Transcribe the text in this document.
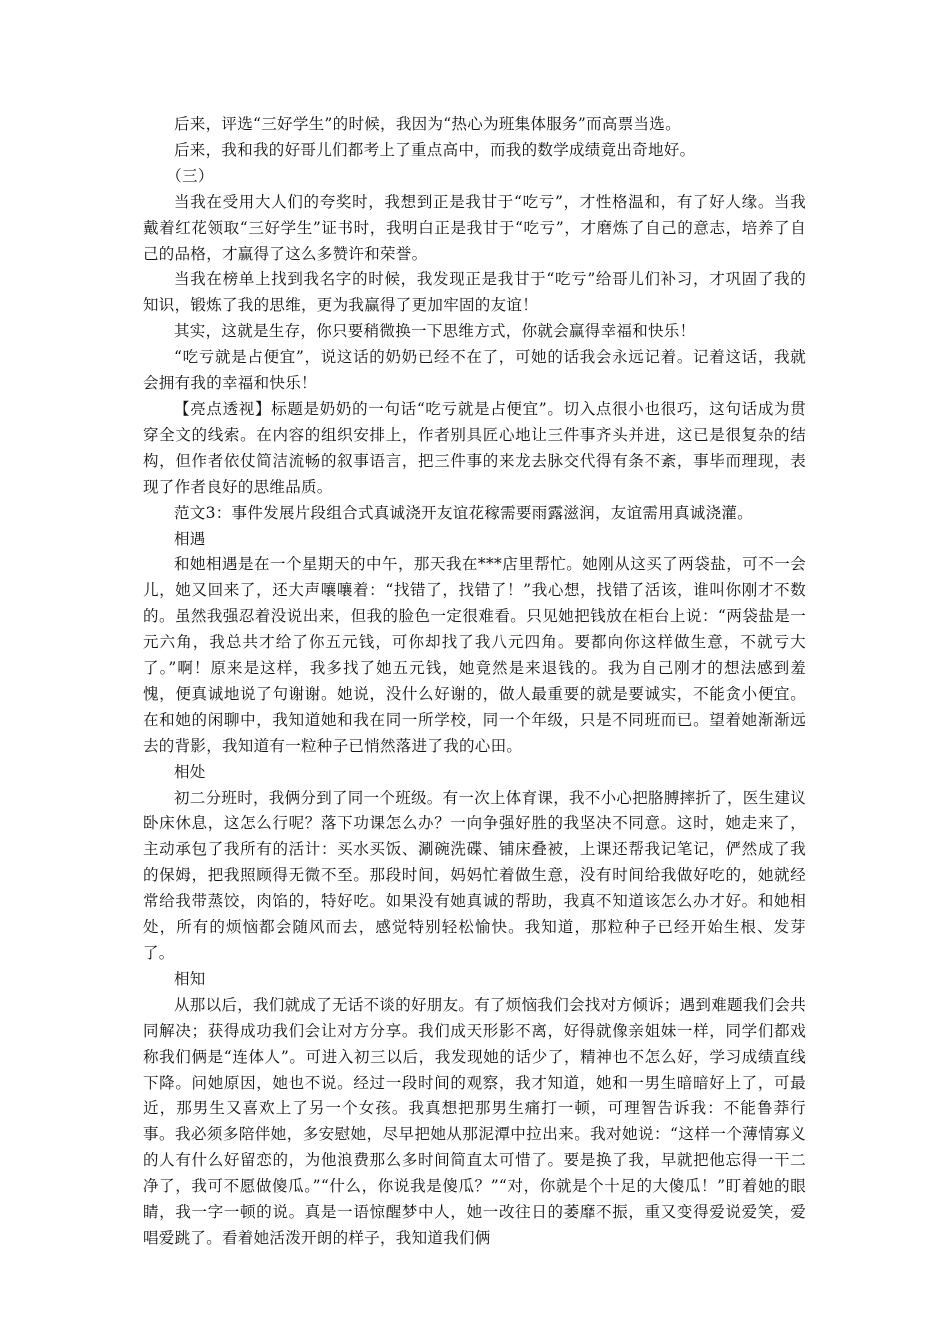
后来，评选“三好学生”的时候，我因为“热心为班集体服务”而高票当选。

后来，我和我的好哥儿们都考上了重点高中，而我的数学成绩竟出奇地好。

（三）

当我在受用大人们的夸奖时，我想到正是我甘于“吃亏”，才性格温和，有了好人缘。当我戴着红花领取“三好学生”证书时，我明白正是我甘于“吃亏”，才磨炼了自己的意志，培养了自己的品格，才赢得了这么多赞许和荣誉。

当我在榜单上找到我名字的时候，我发现正是我甘于“吃亏”给哥儿们补习，才巩固了我的知识，锻炼了我的思维，更为我赢得了更加牢固的友谊！

其实，这就是生存，你只要稍微换一下思维方式，你就会赢得幸福和快乐！

“吃亏就是占便宜”，说这话的奶奶已经不在了，可她的话我会永远记着。记着这话，我就会拥有我的幸福和快乐！

【亮点透视】标题是奶奶的一句话“吃亏就是占便宜”。切入点很小也很巧，这句话成为贯穿全文的线索。在内容的组织安排上，作者别具匠心地让三件事齐头并进，这已是很复杂的结构，但作者依仗简洁流畅的叙事语言，把三件事的来龙去脉交代得有条不紊，事毕而理现，表现了作者良好的思维品质。

范文3：事件发展片段组合式真诚浇开友谊花稼需要雨露滋润，友谊需用真诚浇灌。

相遇

和她相遇是在一个星期天的中午，那天我在***店里帮忙。她刚从这买了两袋盐，可不一会儿，她又回来了，还大声嚷嚷着：“找错了，找错了！”我心想，找错了活该，谁叫你刚才不数的。虽然我强忍着没说出来，但我的脸色一定很难看。只见她把钱放在柜台上说：“两袋盐是一元六角，我总共才给了你五元钱，可你却找了我八元四角。要都向你这样做生意，不就亏大了。”啊！原来是这样，我多找了她五元钱，她竟然是来退钱的。我为自己刚才的想法感到羞愧，便真诚地说了句谢谢。她说，没什么好谢的，做人最重要的就是要诚实，不能贪小便宜。在和她的闲聊中，我知道她和我在同一所学校，同一个年级，只是不同班而已。望着她渐渐远去的背影，我知道有一粒种子已悄然落进了我的心田。

相处

初二分班时，我俩分到了同一个班级。有一次上体育课，我不小心把胳膊摔折了，医生建议卧床休息，这怎么行呢？落下功课怎么办？一向争强好胜的我坚决不同意。这时，她走来了，主动承包了我所有的活计：买水买饭、涮碗洗碟、铺床叠被，上课还帮我记笔记，俨然成了我的保姆，把我照顾得无微不至。那段时间，妈妈忙着做生意，没有时间给我做好吃的，她就经常给我带蒸饺，肉馅的，特好吃。如果没有她真诚的帮助，我真不知道该怎么办才好。和她相处，所有的烦恼都会随风而去，感觉特别轻松愉快。我知道，那粒种子已经开始生根、发芽了。

相知

从那以后，我们就成了无话不谈的好朋友。有了烦恼我们会找对方倾诉；遇到难题我们会共同解决；获得成功我们会让对方分享。我们成天形影不离，好得就像亲姐妹一样，同学们都戏称我们俩是“连体人”。可进入初三以后，我发现她的话少了，精神也不怎么好，学习成绩直线下降。问她原因，她也不说。经过一段时间的观察，我才知道，她和一男生暗暗好上了，可最近，那男生又喜欢上了另一个女孩。我真想把那男生痛打一顿，可理智告诉我：不能鲁莽行事。我必须多陪伴她，多安慰她，尽早把她从那泥潭中拉出来。我对她说：“这样一个薄情寡义的人有什么好留恋的，为他浪费那么多时间简直太可惜了。要是换了我，早就把他忘得一干二净了，我可不愿做傻瓜。”“什么，你说我是傻瓜？”“对，你就是个十足的大傻瓜！”盯着她的眼睛，我一字一顿的说。真是一语惊醒梦中人，她一改往日的萎靡不振，重又变得爱说爱笑，爱唱爱跳了。看着她活泼开朗的样子，我知道我们俩
